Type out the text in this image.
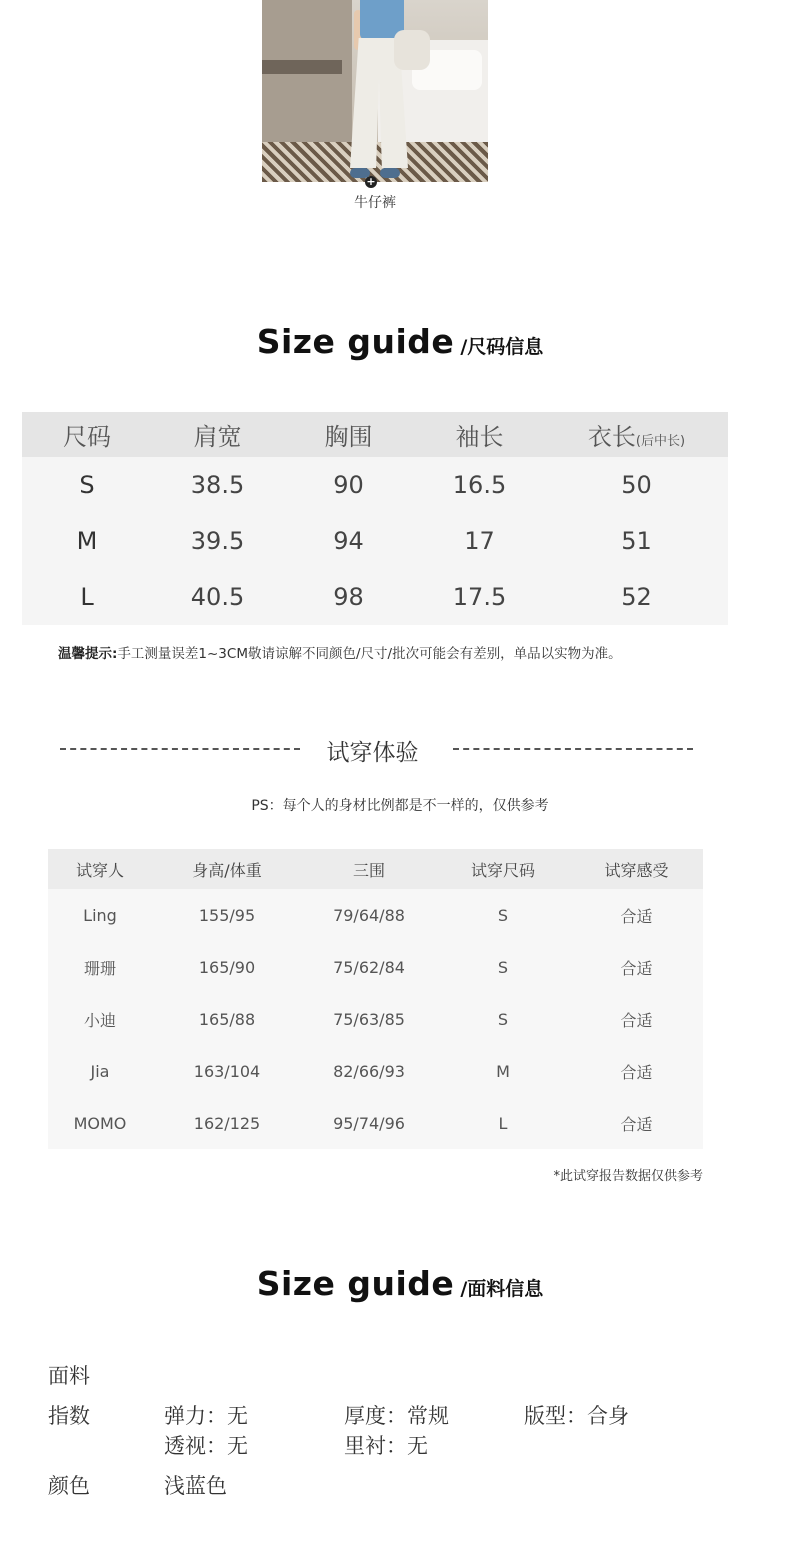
+
牛仔裤
Size guide /尺码信息
尺码	肩宽	胸围	袖长	衣长(后中长)
S	38.5	90	16.5	50
M	39.5	94	17	51
L	40.5	98	17.5	52
温馨提示:手工测量误差1~3CM敬请谅解不同颜色/尺寸/批次可能会有差别，单品以实物为准。
试穿体验
PS：每个人的身材比例都是不一样的，仅供参考
试穿人	身高/体重	三围	试穿尺码	试穿感受
Ling	155/95	79/64/88	S	合适
珊珊	165/90	75/62/84	S	合适
小迪	165/88	75/63/85	S	合适
Jia	163/104	82/66/93	M	合适
MOMO	162/125	95/74/96	L	合适
*此试穿报告数据仅供参考
Size guide /面料信息
面料
指数	弹力：无	厚度：常规	版型：合身
透视：无	里衬：无
颜色	浅蓝色
